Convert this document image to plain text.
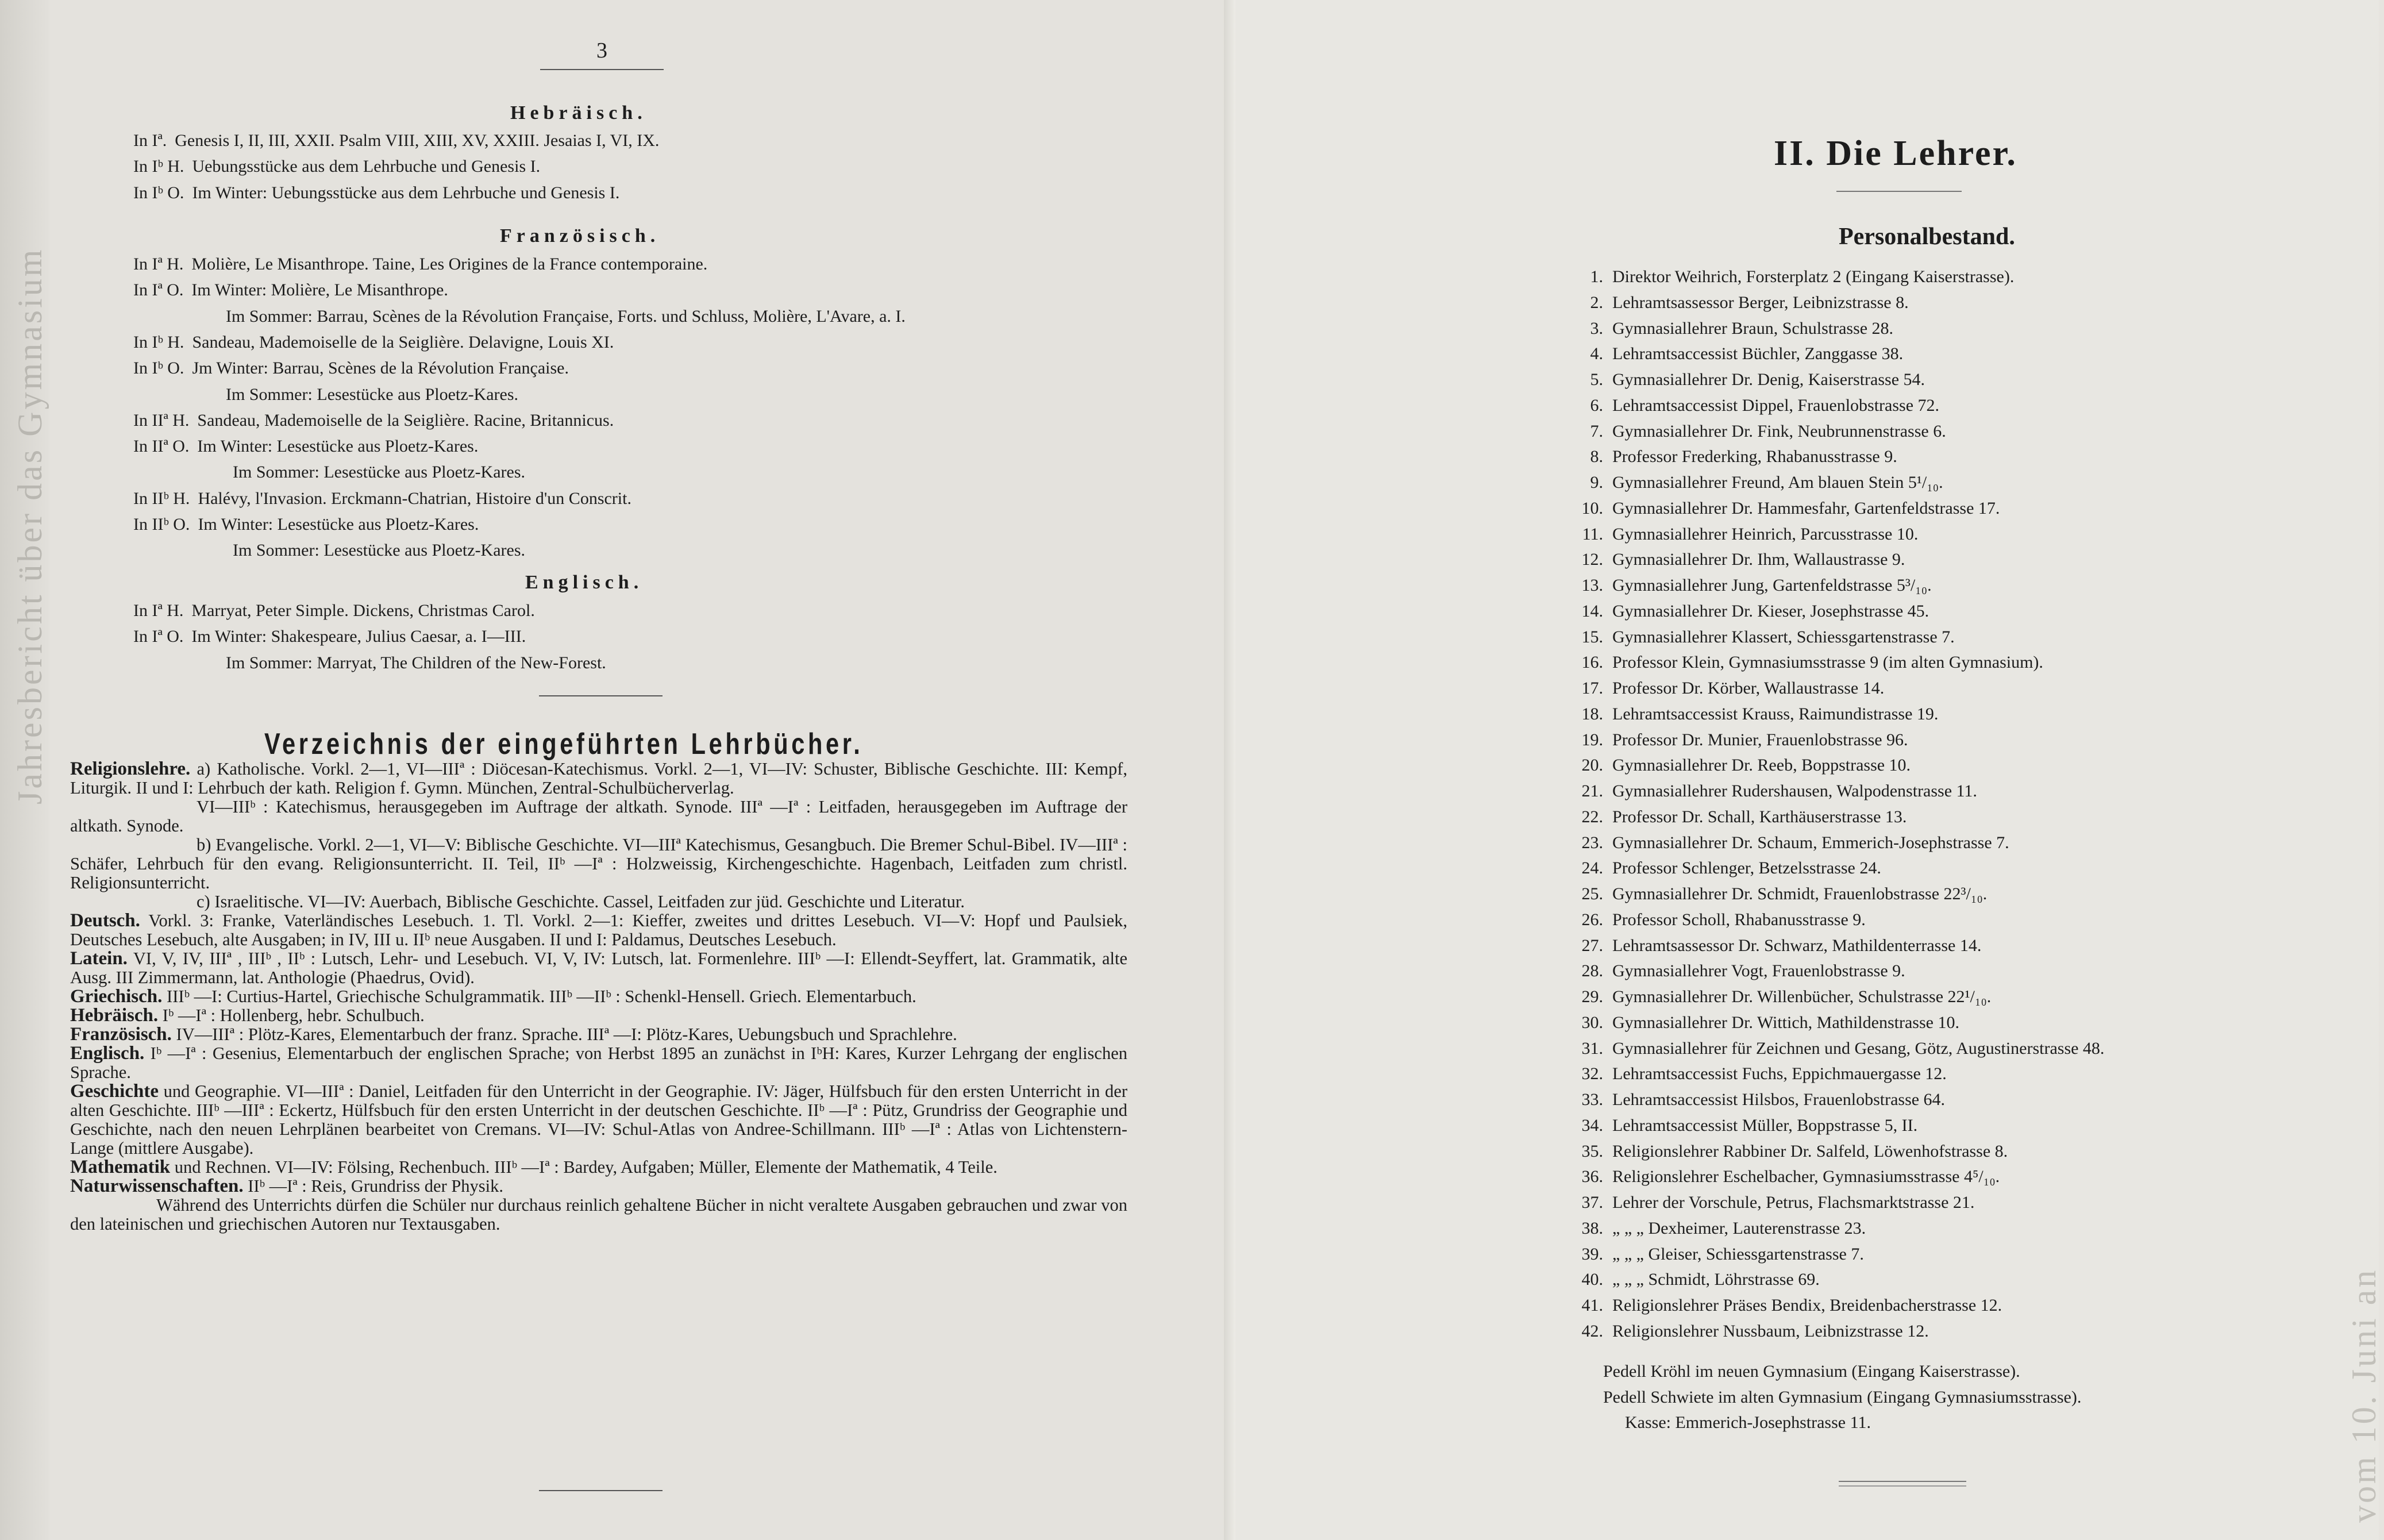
Jahresbericht über das Gymnasium
3
Hebräisch.
In Iª. Genesis I, II, III, XXII. Psalm VIII, XIII, XV, XXIII. Jesaias I, VI, IX.
In Iᵇ H. Uebungsstücke aus dem Lehrbuche und Genesis I.
In Iᵇ O. Im Winter: Uebungsstücke aus dem Lehrbuche und Genesis I.
Französisch.
In Iª H. Molière, Le Misanthrope. Taine, Les Origines de la France contemporaine.
In Iª O. Im Winter: Molière, Le Misanthrope.
Im Sommer: Barrau, Scènes de la Révolution Française, Forts. und Schluss, Molière, L'Avare, a. I.
In Iᵇ H. Sandeau, Mademoiselle de la Seiglière. Delavigne, Louis XI.
In Iᵇ O. Jm Winter: Barrau, Scènes de la Révolution Française.
Im Sommer: Lesestücke aus Ploetz-Kares.
In IIª H. Sandeau, Mademoiselle de la Seiglière. Racine, Britannicus.
In IIª O. Im Winter: Lesestücke aus Ploetz-Kares.
Im Sommer: Lesestücke aus Ploetz-Kares.
In IIᵇ H. Halévy, l'Invasion. Erckmann-Chatrian, Histoire d'un Conscrit.
In IIᵇ O. Im Winter: Lesestücke aus Ploetz-Kares.
Im Sommer: Lesestücke aus Ploetz-Kares.
Englisch.
In Iª H. Marryat, Peter Simple. Dickens, Christmas Carol.
In Iª O. Im Winter: Shakespeare, Julius Caesar, a. I—III.
Im Sommer: Marryat, The Children of the New-Forest.
Verzeichnis der eingeführten Lehrbücher.

Religionslehre. a) Katholische. Vorkl. 2—1, VI—IIIª : Diöcesan-Katechismus. Vorkl. 2—1, VI—IV: Schuster, Biblische Geschichte. III: Kempf, Liturgik. II und I: Lehrbuch der kath. Religion f. Gymn. München, Zentral-Schulbücherverlag.

VI—IIIᵇ : Katechismus, herausgegeben im Auftrage der altkath. Synode. IIIª —Iª : Leitfaden, herausgegeben im Auftrage der altkath. Synode.

b) Evangelische. Vorkl. 2—1, VI—V: Biblische Geschichte. VI—IIIª Katechismus, Gesangbuch. Die Bremer Schul-Bibel. IV—IIIª : Schäfer, Lehrbuch für den evang. Religionsunterricht. II. Teil, IIᵇ —Iª : Holzweissig, Kirchengeschichte. Hagenbach, Leitfaden zum christl. Religionsunterricht.

c) Israelitische. VI—IV: Auerbach, Biblische Geschichte. Cassel, Leitfaden zur jüd. Geschichte und Literatur.

Deutsch. Vorkl. 3: Franke, Vaterländisches Lesebuch. 1. Tl. Vorkl. 2—1: Kieffer, zweites und drittes Lesebuch. VI—V: Hopf und Paulsiek, Deutsches Lesebuch, alte Ausgaben; in IV, III u. IIᵇ neue Ausgaben. II und I: Paldamus, Deutsches Lesebuch.

Latein. VI, V, IV, IIIª , IIIᵇ , IIᵇ : Lutsch, Lehr- und Lesebuch. VI, V, IV: Lutsch, lat. Formenlehre. IIIᵇ —I: Ellendt-Seyffert, lat. Grammatik, alte Ausg. III Zimmermann, lat. Anthologie (Phaedrus, Ovid).

Griechisch. IIIᵇ —I: Curtius-Hartel, Griechische Schulgrammatik. IIIᵇ —IIᵇ : Schenkl-Hensell. Griech. Elementarbuch.

Hebräisch. Iᵇ —Iª : Hollenberg, hebr. Schulbuch.

Französisch. IV—IIIª : Plötz-Kares, Elementarbuch der franz. Sprache. IIIª —I: Plötz-Kares, Uebungsbuch und Sprachlehre.

Englisch. Iᵇ —Iª : Gesenius, Elementarbuch der englischen Sprache; von Herbst 1895 an zunächst in IᵇH: Kares, Kurzer Lehrgang der englischen Sprache.

Geschichte und Geographie. VI—IIIª : Daniel, Leitfaden für den Unterricht in der Geographie. IV: Jäger, Hülfsbuch für den ersten Unterricht in der alten Geschichte. IIIᵇ —IIIª : Eckertz, Hülfsbuch für den ersten Unterricht in der deutschen Geschichte. IIᵇ —Iª : Pütz, Grundriss der Geographie und Geschichte, nach den neuen Lehrplänen bearbeitet von Cremans. VI—IV: Schul-Atlas von Andree-Schillmann. IIIᵇ —Iª : Atlas von Lichtenstern-Lange (mittlere Ausgabe).

Mathematik und Rechnen. VI—IV: Fölsing, Rechenbuch. IIIᵇ —Iª : Bardey, Aufgaben; Müller, Elemente der Mathematik, 4 Teile.

Naturwissenschaften. IIᵇ —Iª : Reis, Grundriss der Physik.

Während des Unterrichts dürfen die Schüler nur durchaus reinlich gehaltene Bücher in nicht veraltete Ausgaben gebrauchen und zwar von den lateinischen und griechischen Autoren nur Textausgaben.

II. Die Lehrer.
Personalbestand.
1. Direktor Weihrich, Forsterplatz 2 (Eingang Kaiserstrasse).
2. Lehramtsassessor Berger, Leibnizstrasse 8.
3. Gymnasiallehrer Braun, Schulstrasse 28.
4. Lehramtsaccessist Büchler, Zanggasse 38.
5. Gymnasiallehrer Dr. Denig, Kaiserstrasse 54.
6. Lehramtsaccessist Dippel, Frauenlobstrasse 72.
7. Gymnasiallehrer Dr. Fink, Neubrunnenstrasse 6.
8. Professor Frederking, Rhabanusstrasse 9.
9. Gymnasiallehrer Freund, Am blauen Stein 5¹/₁₀.
10. Gymnasiallehrer Dr. Hammesfahr, Gartenfeldstrasse 17.
11. Gymnasiallehrer Heinrich, Parcusstrasse 10.
12. Gymnasiallehrer Dr. Ihm, Wallaustrasse 9.
13. Gymnasiallehrer Jung, Gartenfeldstrasse 5³/₁₀.
14. Gymnasiallehrer Dr. Kieser, Josephstrasse 45.
15. Gymnasiallehrer Klassert, Schiessgartenstrasse 7.
16. Professor Klein, Gymnasiumsstrasse 9 (im alten Gymnasium).
17. Professor Dr. Körber, Wallaustrasse 14.
18. Lehramtsaccessist Krauss, Raimundistrasse 19.
19. Professor Dr. Munier, Frauenlobstrasse 96.
20. Gymnasiallehrer Dr. Reeb, Boppstrasse 10.
21. Gymnasiallehrer Rudershausen, Walpodenstrasse 11.
22. Professor Dr. Schall, Karthäuserstrasse 13.
23. Gymnasiallehrer Dr. Schaum, Emmerich-Josephstrasse 7.
24. Professor Schlenger, Betzelsstrasse 24.
25. Gymnasiallehrer Dr. Schmidt, Frauenlobstrasse 22³/₁₀.
26. Professor Scholl, Rhabanusstrasse 9.
27. Lehramtsassessor Dr. Schwarz, Mathildenterrasse 14.
28. Gymnasiallehrer Vogt, Frauenlobstrasse 9.
29. Gymnasiallehrer Dr. Willenbücher, Schulstrasse 22¹/₁₀.
30. Gymnasiallehrer Dr. Wittich, Mathildenstrasse 10.
31. Gymnasiallehrer für Zeichnen und Gesang, Götz, Augustinerstrasse 48.
32. Lehramtsaccessist Fuchs, Eppichmauergasse 12.
33. Lehramtsaccessist Hilsbos, Frauenlobstrasse 64.
34. Lehramtsaccessist Müller, Boppstrasse 5, II.
35. Religionslehrer Rabbiner Dr. Salfeld, Löwenhofstrasse 8.
36. Religionslehrer Eschelbacher, Gymnasiumsstrasse 4⁵/₁₀.
37. Lehrer der Vorschule, Petrus, Flachsmarktstrasse 21.
38. „ „ „ Dexheimer, Lauterenstrasse 23.
39. „ „ „ Gleiser, Schiessgartenstrasse 7.
40. „ „ „ Schmidt, Löhrstrasse 69.
41. Religionslehrer Präses Bendix, Breidenbacherstrasse 12.
42. Religionslehrer Nussbaum, Leibnizstrasse 12.
Pedell Kröhl im neuen Gymnasium (Eingang Kaiserstrasse).
Pedell Schwiete im alten Gymnasium (Eingang Gymnasiumsstrasse).
Kasse: Emmerich-Josephstrasse 11.	vom 10. Juni an
